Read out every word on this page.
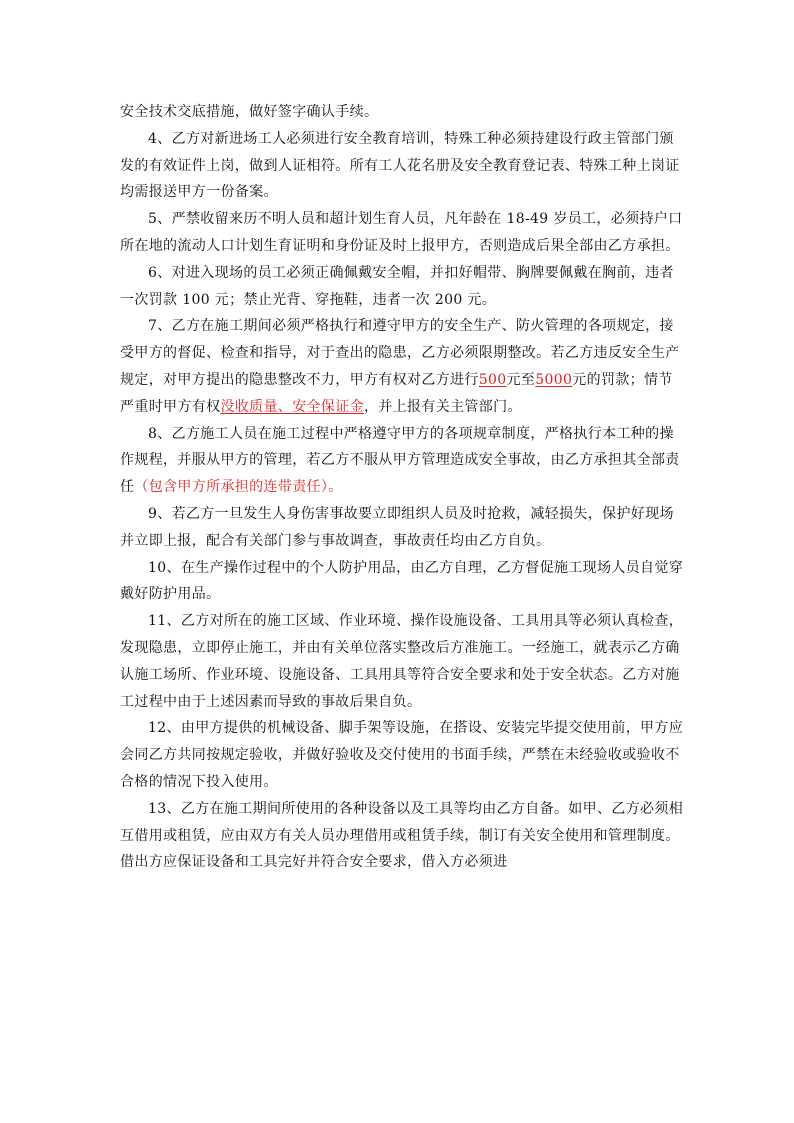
安全技术交底措施，做好签字确认手续。

4、乙方对新进场工人必须进行安全教育培训，特殊工种必须持建设行政主管部门颁发的有效证件上岗，做到人证相符。所有工人花名册及安全教育登记表、特殊工种上岗证均需报送甲方一份备案。

5、严禁收留来历不明人员和超计划生育人员，凡年龄在 18-49 岁员工，必须持户口所在地的流动人口计划生育证明和身份证及时上报甲方，否则造成后果全部由乙方承担。

6、对进入现场的员工必须正确佩戴安全帽，并扣好帽带、胸牌要佩戴在胸前，违者一次罚款 100 元；禁止光背、穿拖鞋，违者一次 200 元。

7、乙方在施工期间必须严格执行和遵守甲方的安全生产、防火管理的各项规定，接受甲方的督促、检查和指导，对于查出的隐患，乙方必须限期整改。若乙方违反安全生产规定，对甲方提出的隐患整改不力，甲方有权对乙方进行500元至5000元的罚款；情节严重时甲方有权没收质量、安全保证金，并上报有关主管部门。

8、乙方施工人员在施工过程中严格遵守甲方的各项规章制度，严格执行本工种的操作规程，并服从甲方的管理，若乙方不服从甲方管理造成安全事故，由乙方承担其全部责任（包含甲方所承担的连带责任）。

9、若乙方一旦发生人身伤害事故要立即组织人员及时抢救，减轻损失，保护好现场并立即上报，配合有关部门参与事故调查，事故责任均由乙方自负。

10、在生产操作过程中的个人防护用品，由乙方自理，乙方督促施工现场人员自觉穿戴好防护用品。

11、乙方对所在的施工区域、作业环境、操作设施设备、工具用具等必须认真检查，发现隐患，立即停止施工，并由有关单位落实整改后方准施工。一经施工，就表示乙方确认施工场所、作业环境、设施设备、工具用具等符合安全要求和处于安全状态。乙方对施工过程中由于上述因素而导致的事故后果自负。

12、由甲方提供的机械设备、脚手架等设施，在搭设、安装完毕提交使用前，甲方应会同乙方共同按规定验收，并做好验收及交付使用的书面手续，严禁在未经验收或验收不合格的情况下投入使用。

13、乙方在施工期间所使用的各种设备以及工具等均由乙方自备。如甲、乙方必须相互借用或租赁，应由双方有关人员办理借用或租赁手续，制订有关安全使用和管理制度。借出方应保证设备和工具完好并符合安全要求，借入方必须进
